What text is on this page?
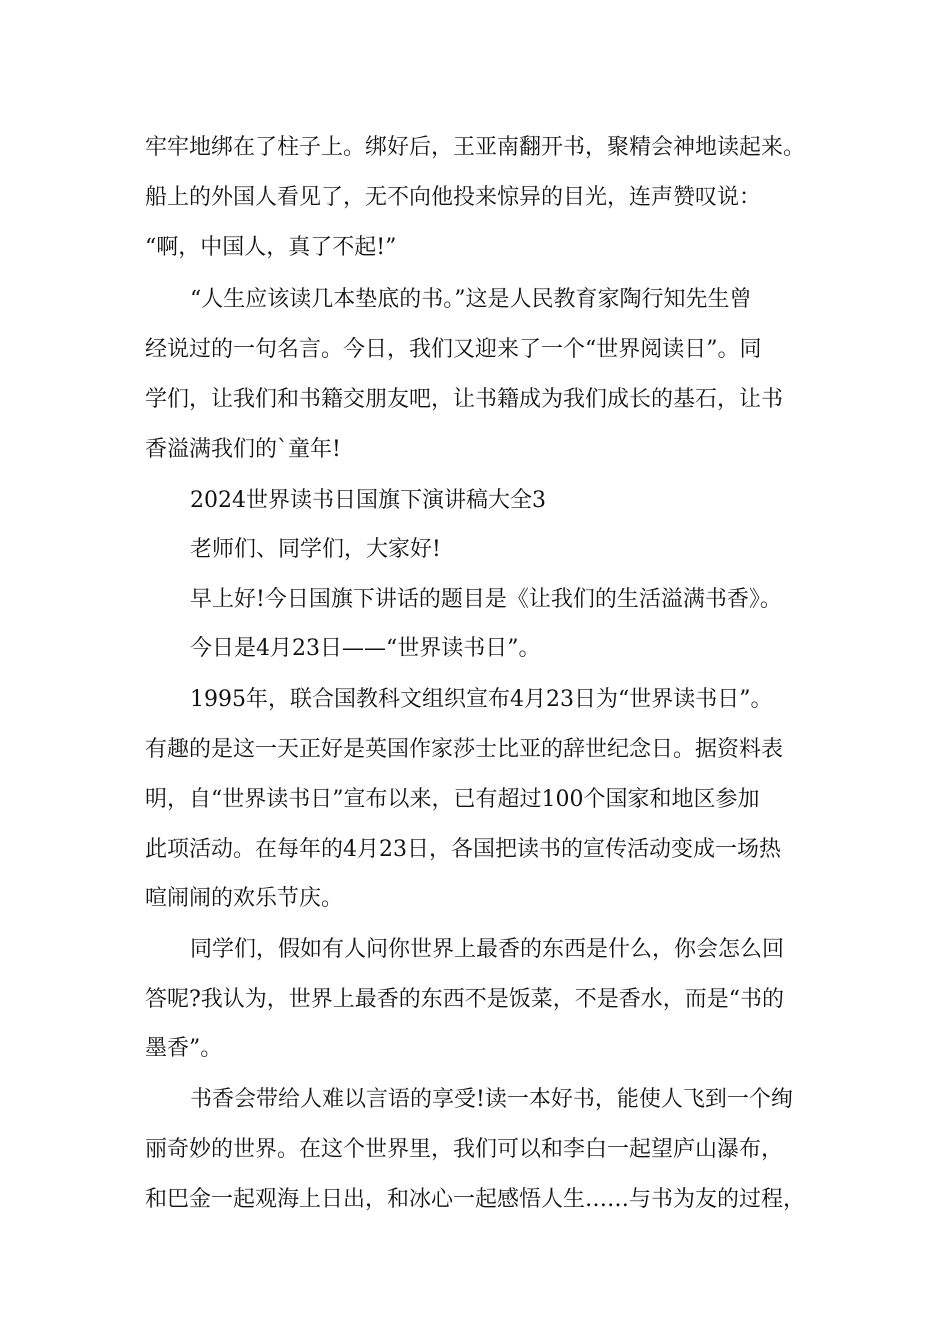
牢牢地绑在了柱子上。绑好后，王亚南翻开书，聚精会神地读起来。
船上的外国人看见了，无不向他投来惊异的目光，连声赞叹说：
“啊，中国人，真了不起!”
“人生应该读几本垫底的书。”这是人民教育家陶行知先生曾
经说过的一句名言。今日，我们又迎来了一个“世界阅读日”。同
学们，让我们和书籍交朋友吧，让书籍成为我们成长的基石，让书
香溢满我们的`童年!
2024世界读书日国旗下演讲稿大全3
老师们、同学们，大家好!
早上好!今日国旗下讲话的题目是《让我们的生活溢满书香》。
今日是4月23日——“世界读书日”。
1995年，联合国教科文组织宣布4月23日为“世界读书日”。
有趣的是这一天正好是英国作家莎士比亚的辞世纪念日。据资料表
明，自“世界读书日”宣布以来，已有超过100个国家和地区参加
此项活动。在每年的4月23日，各国把读书的宣传活动变成一场热
喧闹闹的欢乐节庆。
同学们，假如有人问你世界上最香的东西是什么，你会怎么回
答呢?我认为，世界上最香的东西不是饭菜，不是香水，而是“书的
墨香”。
书香会带给人难以言语的享受!读一本好书，能使人飞到一个绚
丽奇妙的世界。在这个世界里，我们可以和李白一起望庐山瀑布，
和巴金一起观海上日出，和冰心一起感悟人生……与书为友的过程，
